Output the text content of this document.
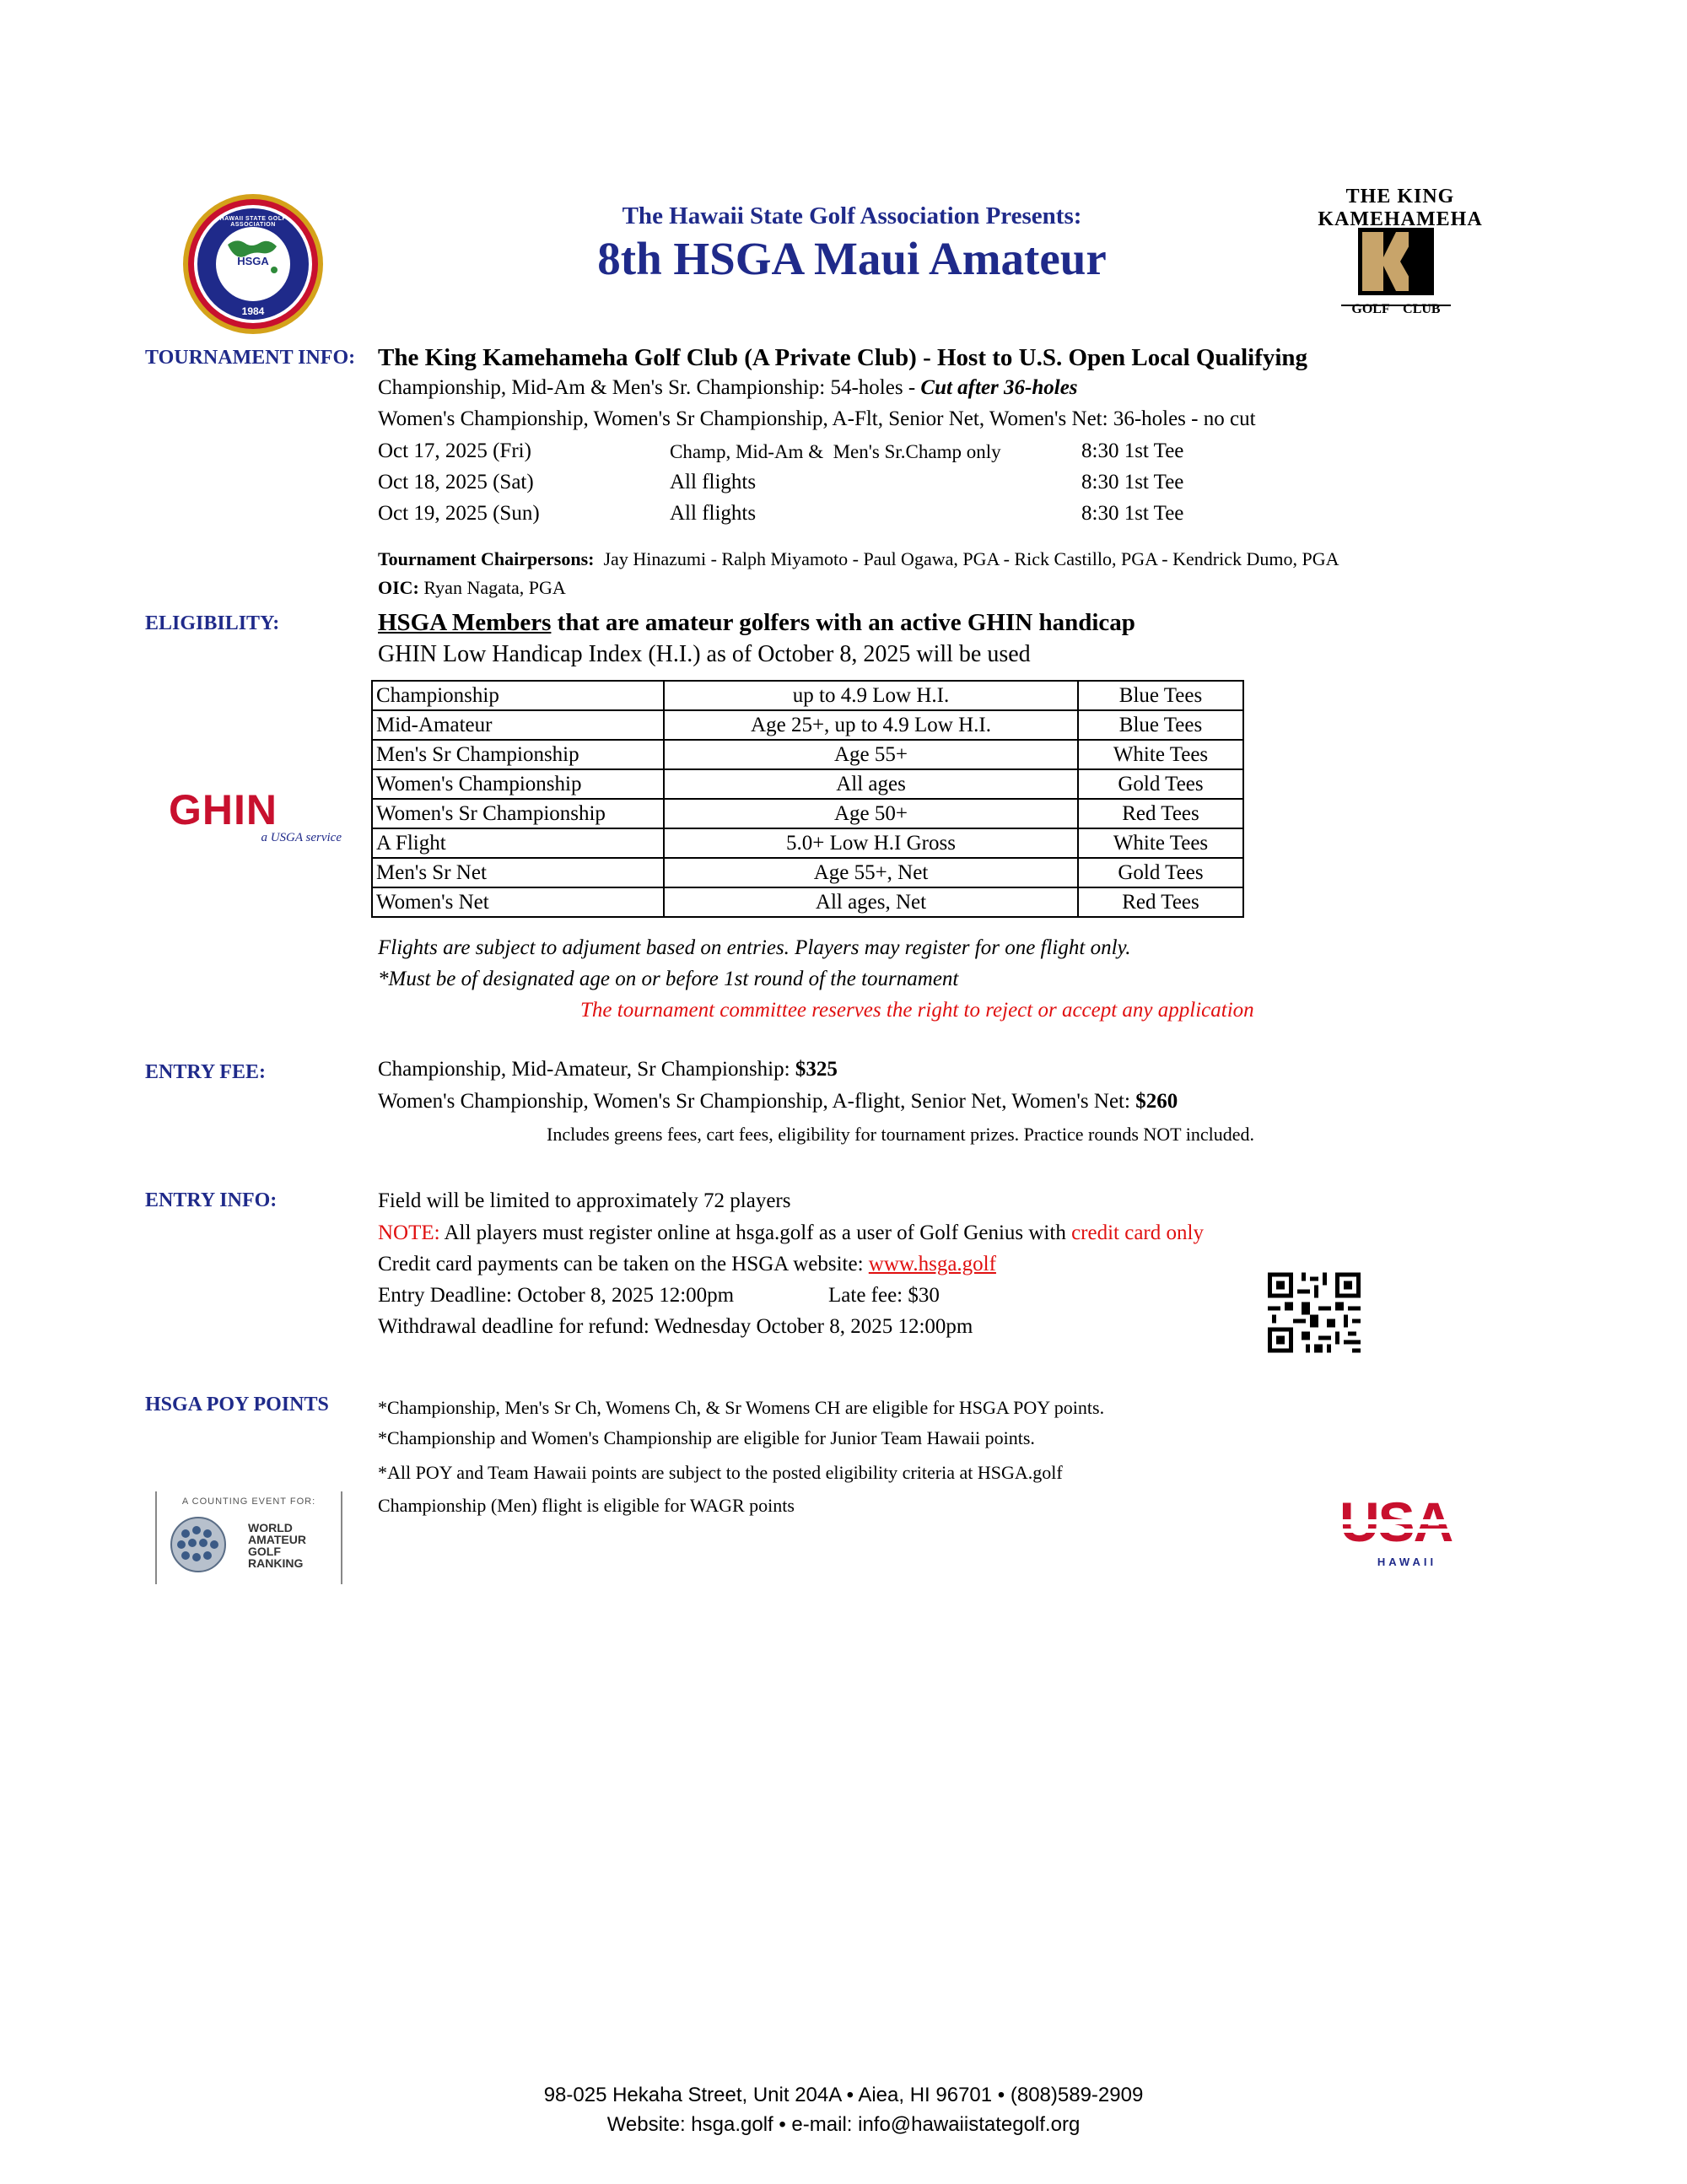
HSGA
1984
HAWAII STATE GOLF ASSOCIATION	The Hawaii State Golf Association Presents:
8th HSGA Maui Amateur
THE KING KAMEHAMEHA
GOLF    CLUB
TOURNAMENT INFO: The King Kamehameha Golf Club (A Private Club) - Host to U.S. Open Local Qualifying
Championship, Mid-Am & Men's Sr. Championship: 54-holes - Cut after 36-holes
Women's Championship, Women's Sr Championship, A-Flt, Senior Net, Women's Net: 36-holes - no cut
Oct 17, 2025 (Fri)	Champ, Mid-Am &  Men's Sr.Champ only	8:30 1st Tee
Oct 18, 2025 (Sat)	All flights	8:30 1st Tee
Oct 19, 2025 (Sun)	All flights	8:30 1st Tee
Tournament Chairpersons: Jay Hinazumi - Ralph Miyamoto - Paul Ogawa, PGA - Rick Castillo, PGA - Kendrick Dumo, PGA
OIC: Ryan Nagata, PGA
ELIGIBILITY:	HSGA Members that are amateur golfers with an active GHIN handicap
GHIN Low Handicap Index (H.I.) as of October 8, 2025 will be used
GHIN
a USGA service
Championship	up to 4.9 Low H.I.	Blue Tees
Mid-Amateur	Age 25+, up to 4.9 Low H.I.	Blue Tees
Men's Sr Championship	Age 55+	White Tees
Women's Championship	All ages	Gold Tees
Women's Sr Championship	Age 50+	Red Tees
A Flight	5.0+ Low H.I Gross	White Tees
Men's Sr Net	Age 55+, Net	Gold Tees
Women's Net	All ages, Net	Red Tees
Flights are subject to adjument based on entries. Players may register for one flight only.
*Must be of designated age on or before 1st round of the tournament
The tournament committee reserves the right to reject or accept any application
ENTRY FEE:	Championship, Mid-Amateur, Sr Championship: $325
Women's Championship, Women's Sr Championship, A-flight, Senior Net, Women's Net: $260
Includes greens fees, cart fees, eligibility for tournament prizes. Practice rounds NOT included.
ENTRY INFO:	Field will be limited to approximately 72 players
NOTE: All players must register online at hsga.golf as a user of Golf Genius with credit card only
Credit card payments can be taken on the HSGA website: www.hsga.golf
Entry Deadline: October 8, 2025 12:00pm	Late fee: $30
Withdrawal deadline for refund: Wednesday October 8, 2025 12:00pm
HSGA POY POINTS	*Championship, Men's Sr Ch, Womens Ch, & Sr Womens CH are eligible for HSGA POY points.
*Championship and Women's Championship are eligible for Junior Team Hawaii points.
*All POY and Team Hawaii points are subject to the posted eligibility criteria at HSGA.golf
Championship (Men) flight is eligible for WAGR points
A COUNTING EVENT FOR:
WORLD
AMATEUR
GOLF
RANKING	HAWAII
98-025 Hekaha Street, Unit 204A • Aiea, HI 96701 • (808)589-2909
Website: hsga.golf • e-mail: info@hawaiistategolf.org
